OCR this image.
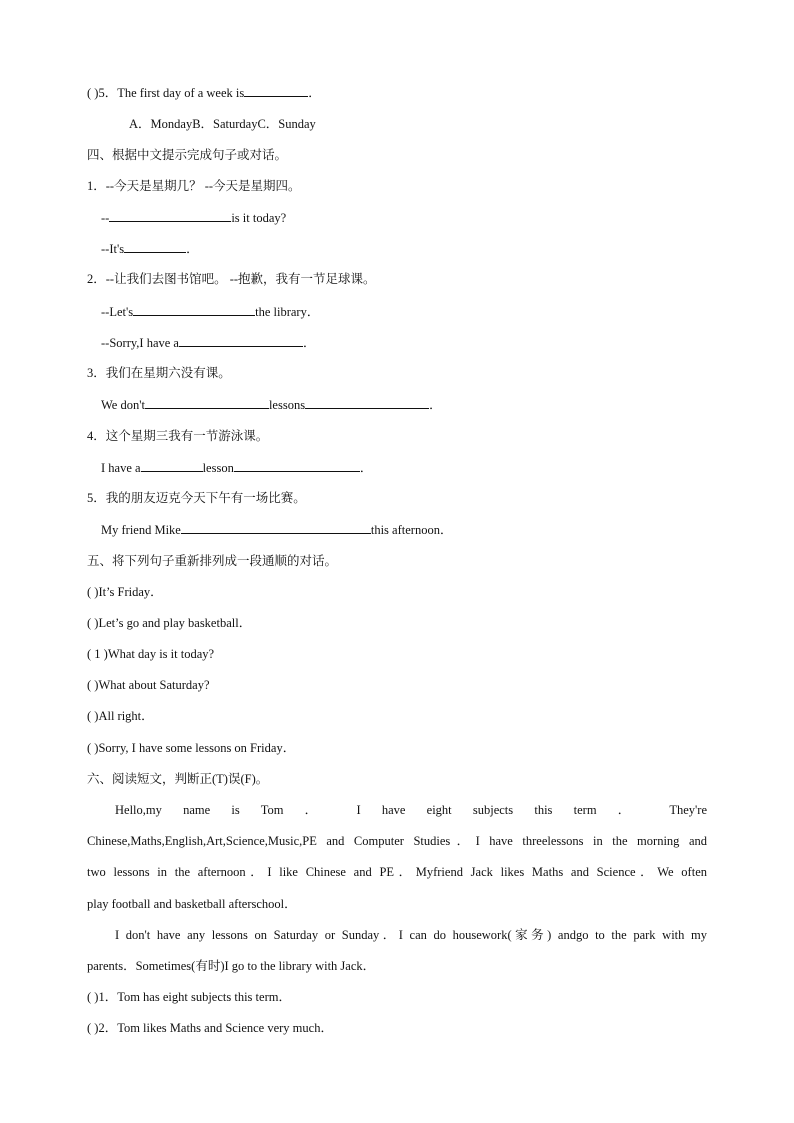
( )5．The first day of a week is	．
A．MondayB．SaturdayC．Sunday
四、根据中文提示完成句子或对话。
1．--今天是星期几？ --今天是星期四。
--	is it today?
--It's	．
2．--让我们去图书馆吧。 --抱歉，我有一节足球课。
--Let's	the library．
--Sorry,I have a	．
3．我们在星期六没有课。
We don't	lessons	．
4．这个星期三我有一节游泳课。
I have a	lesson	．
5．我的朋友迈克今天下午有一场比赛。
My friend Mike	this afternoon．
五、将下列句子重新排列成一段通顺的对话。
( )It’s Friday．
( )Let’s go and play basketball．
( 1 )What day is it today?
( )What about Saturday?
( )All right．
( )Sorry, I have some lessons on Friday．
六、阅读短文，判断正(T)误(F)。
Hello,my name is Tom ． I have eight subjects this term ． They're
Chinese,Maths,English,Art,Science,Music,PE and Computer Studies．I have threelessons in the morning and
two lessons in the afternoon．I like Chinese and PE．Myfriend Jack likes Maths and Science．We often
play football and basketball afterschool．
I don't have any lessons on Saturday or Sunday．I can do housework(家务) andgo to the park with my
parents．Sometimes(有时)I go to the library with Jack．
( )1．Tom has eight subjects this term．
( )2．Tom likes Maths and Science very much．
